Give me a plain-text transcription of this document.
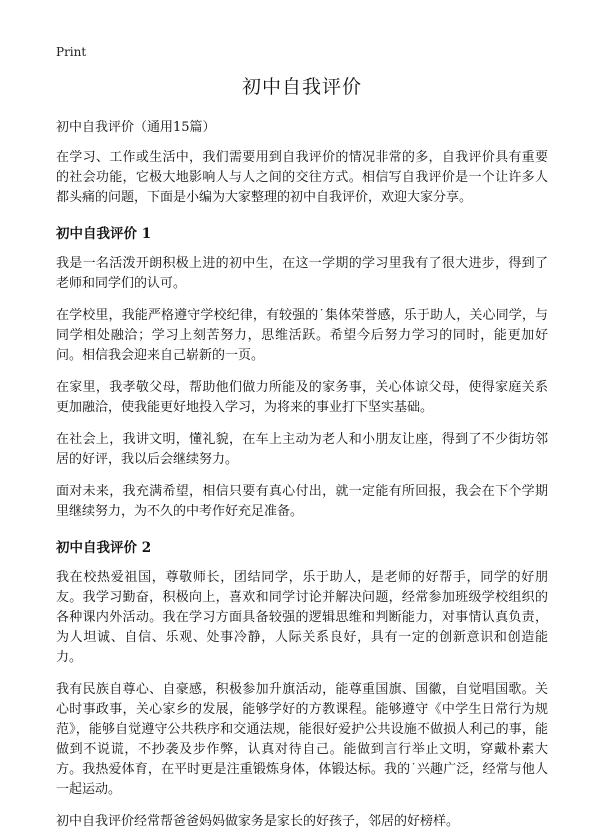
Print
初中自我评价
初中自我评价（通用15篇）

在学习、工作或生活中，我们需要用到自我评价的情况非常的多，自我评价具有重要的社会功能，它极大地影响人与人之间的交往方式。相信写自我评价是一个让许多人都头痛的问题，下面是小编为大家整理的初中自我评价，欢迎大家分享。

初中自我评价 1

我是一名活泼开朗积极上进的初中生，在这一学期的学习里我有了很大进步，得到了老师和同学们的认可。

在学校里，我能严格遵守学校纪律，有较强的˙集体荣誉感，乐于助人，关心同学，与同学相处融洽；学习上刻苦努力，思维活跃。希望今后努力学习的同时，能更加好问。相信我会迎来自己崭新的一页。

在家里，我孝敬父母，帮助他们做力所能及的家务事，关心体谅父母，使得家庭关系更加融洽，使我能更好地投入学习，为将来的事业打下坚实基础。

在社会上，我讲文明，懂礼貌，在车上主动为老人和小朋友让座，得到了不少街坊邻居的好评，我以后会继续努力。

面对未来，我充满希望，相信只要有真心付出，就一定能有所回报，我会在下个学期里继续努力，为不久的中考作好充足准备。

初中自我评价 2

我在校热爱祖国，尊敬师长，团结同学，乐于助人，是老师的好帮手，同学的好朋友。我学习勤奋，积极向上，喜欢和同学讨论并解决问题，经常参加班级学校组织的各种课内外活动。我在学习方面具备较强的逻辑思维和判断能力，对事情认真负责，为人坦诚、自信、乐观、处事冷静，人际关系良好，具有一定的创新意识和创造能力。

我有民族自尊心、自豪感，积极参加升旗活动，能尊重国旗、国徽，自觉唱国歌。关心时事政事，关心家乡的发展，能够学好的方教课程。能够遵守《中学生日常行为规范》，能够自觉遵守公共秩序和交通法规，能很好爱护公共设施不做损人利己的事，能做到不说谎，不抄袭及步作弊，认真对待自己。能做到言行举止文明，穿戴朴素大方。我热爱体育，在平时更是注重锻炼身体，体锻达标。我的˙兴趣广泛，经常与他人一起运动。

初中自我评价经常帮爸爸妈妈做家务是家长的好孩子，邻居的好榜样。
